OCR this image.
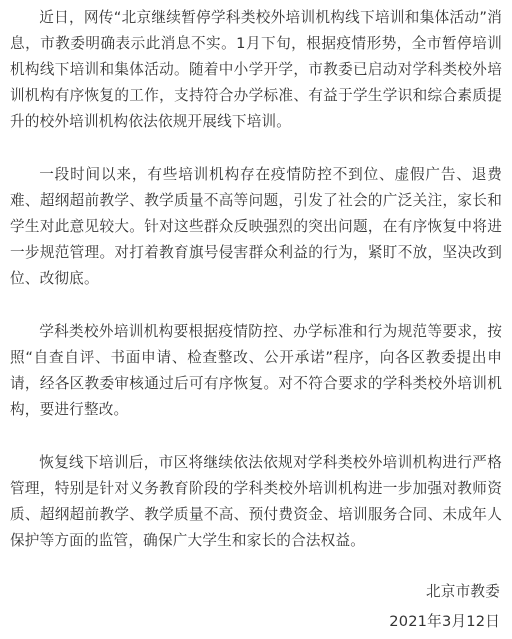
近日，网传“北京继续暂停学科类校外培训机构线下培训和集体活动”消息，市教委明确表示此消息不实。1月下旬，根据疫情形势，全市暂停培训机构线下培训和集体活动。随着中小学开学，市教委已启动对学科类校外培训机构有序恢复的工作，支持符合办学标准、有益于学生学识和综合素质提升的校外培训机构依法依规开展线下培训。

一段时间以来，有些培训机构存在疫情防控不到位、虚假广告、退费难、超纲超前教学、教学质量不高等问题，引发了社会的广泛关注，家长和学生对此意见较大。针对这些群众反映强烈的突出问题，在有序恢复中将进一步规范管理。对打着教育旗号侵害群众利益的行为，紧盯不放，坚决改到位、改彻底。

学科类校外培训机构要根据疫情防控、办学标准和行为规范等要求，按照“自查自评、书面申请、检查整改、公开承诺”程序，向各区教委提出申请，经各区教委审核通过后可有序恢复。对不符合要求的学科类校外培训机构，要进行整改。

恢复线下培训后，市区将继续依法依规对学科类校外培训机构进行严格管理，特别是针对义务教育阶段的学科类校外培训机构进一步加强对教师资质、超纲超前教学、教学质量不高、预付费资金、培训服务合同、未成年人保护等方面的监管，确保广大学生和家长的合法权益。

北京市教委
2021年3月12日
